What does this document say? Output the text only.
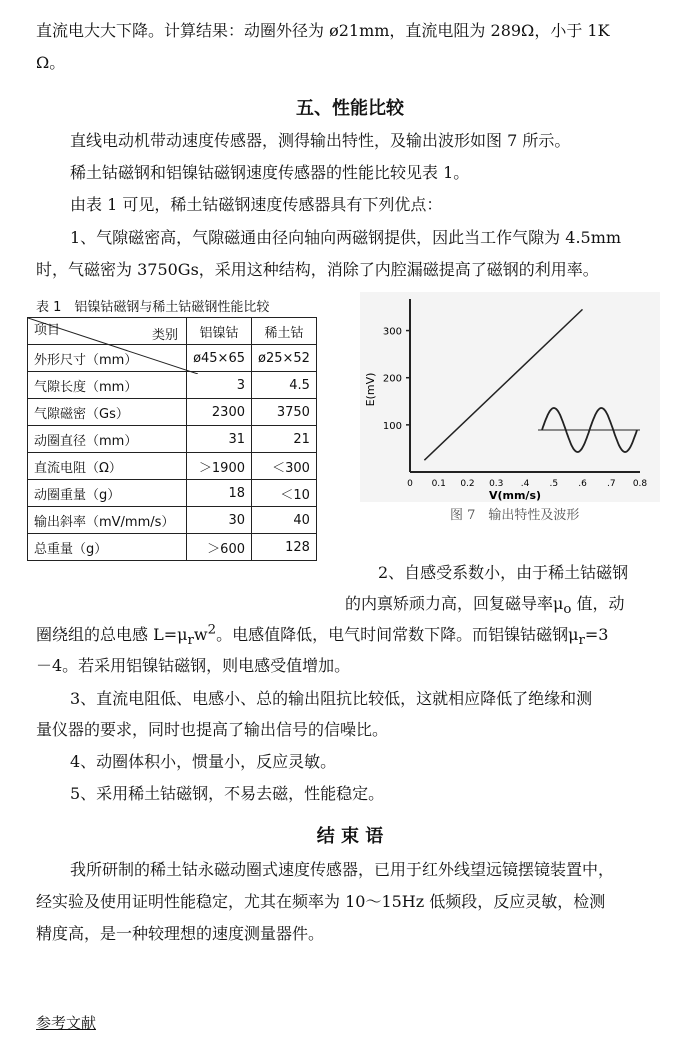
直流电大大下降。计算结果：动圈外径为 ø21mm，直流电阻为 289Ω，小于 1K
Ω。
五、性能比较
直线电动机带动速度传感器，测得输出特性，及输出波形如图 7 所示。
稀土钴磁钢和铝镍钴磁钢速度传感器的性能比较见表 1。
由表 1 可见，稀土钴磁钢速度传感器具有下列优点：
1、气隙磁密高，气隙磁通由径向轴向两磁钢提供，因此当工作气隙为 4.5mm
时，气磁密为 3750Gs，采用这种结构，消除了内腔漏磁提高了磁钢的利用率。
表 1　铝镍钴磁钢与稀土钴磁钢性能比较
类别
项目	铝镍钴	稀土钴
外形尺寸（mm）	ø45×65	ø25×52
气隙长度（mm）	3	4.5
气隙磁密（Gs）	2300	3750
动圈直径（mm）	31	21
直流电阻（Ω）	＞1900	＜300
动圈重量（g）	18	＜10
输出斜率（mV/mm/s）	30	40
总重量（g）	＞600	128
300
200
100
0 0.1 0.2 0.3 .4 .5 .6 .7 0.8
E(mV)
V(mm/s)
图 7　输出特性及波形
2、自感受系数小，由于稀土钴磁钢
的内禀矫顽力高，回复磁导率$\mu_o$ 值，动
圈绕组的总电感 $L=\mu_rw^2$。电感值降低，电气时间常数下降。而铝镍钴磁钢$\mu_r=3$
－4。若采用铝镍钴磁钢，则电感受值增加。
3、直流电阻低、电感小、总的输出阻抗比较低，这就相应降低了绝缘和测
量仪器的要求，同时也提高了输出信号的信噪比。
4、动圈体积小，惯量小，反应灵敏。
5、采用稀土钴磁钢，不易去磁，性能稳定。
结 束 语
我所研制的稀土钴永磁动圈式速度传感器，已用于红外线望远镜摆镜装置中，
经实验及使用证明性能稳定，尤其在频率为 10～15Hz 低频段，反应灵敏，检测
精度高，是一种较理想的速度测量器件。
参考文献
